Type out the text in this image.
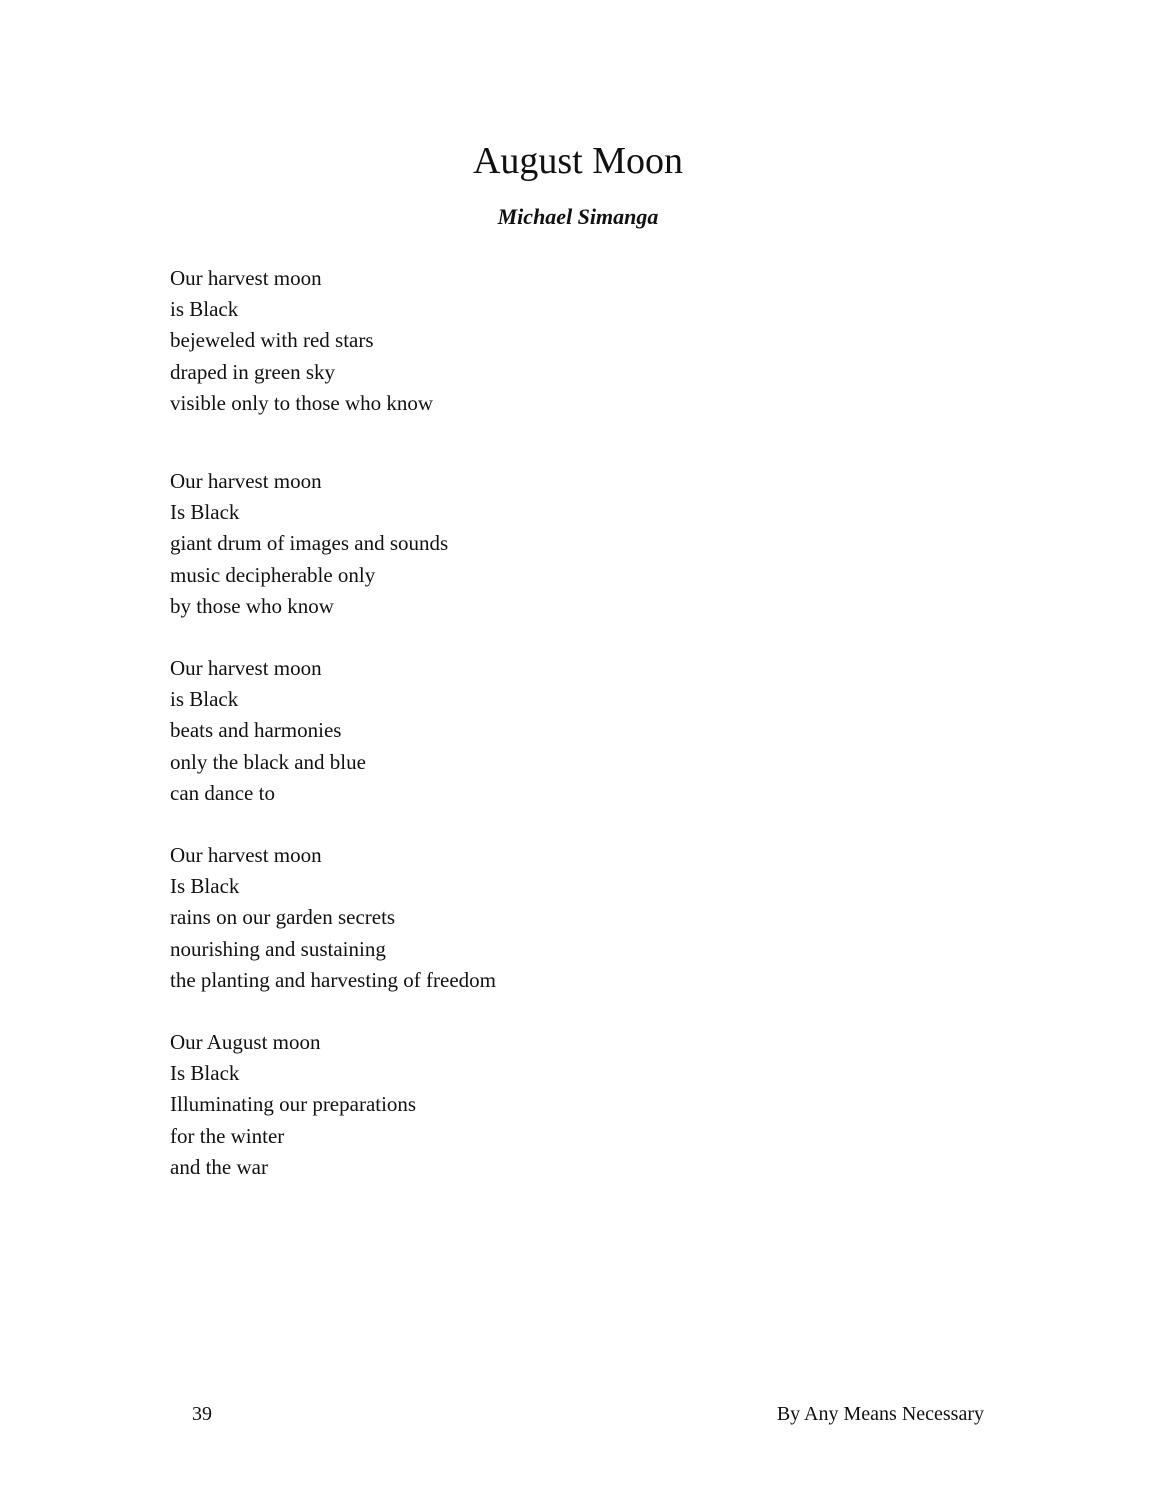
August Moon
Michael Simanga
Our harvest moon
is Black
bejeweled with red stars
draped in green sky
visible only to those who know
Our harvest moon
Is Black
giant drum of images and sounds
music decipherable only
by those who know
Our harvest moon
is Black
beats and harmonies
only the black and blue
can dance to
Our harvest moon
Is Black
rains on our garden secrets
nourishing and sustaining
the planting and harvesting of freedom
Our August moon
Is Black
Illuminating our preparations
for the winter
and the war
39	By Any Means Necessary
